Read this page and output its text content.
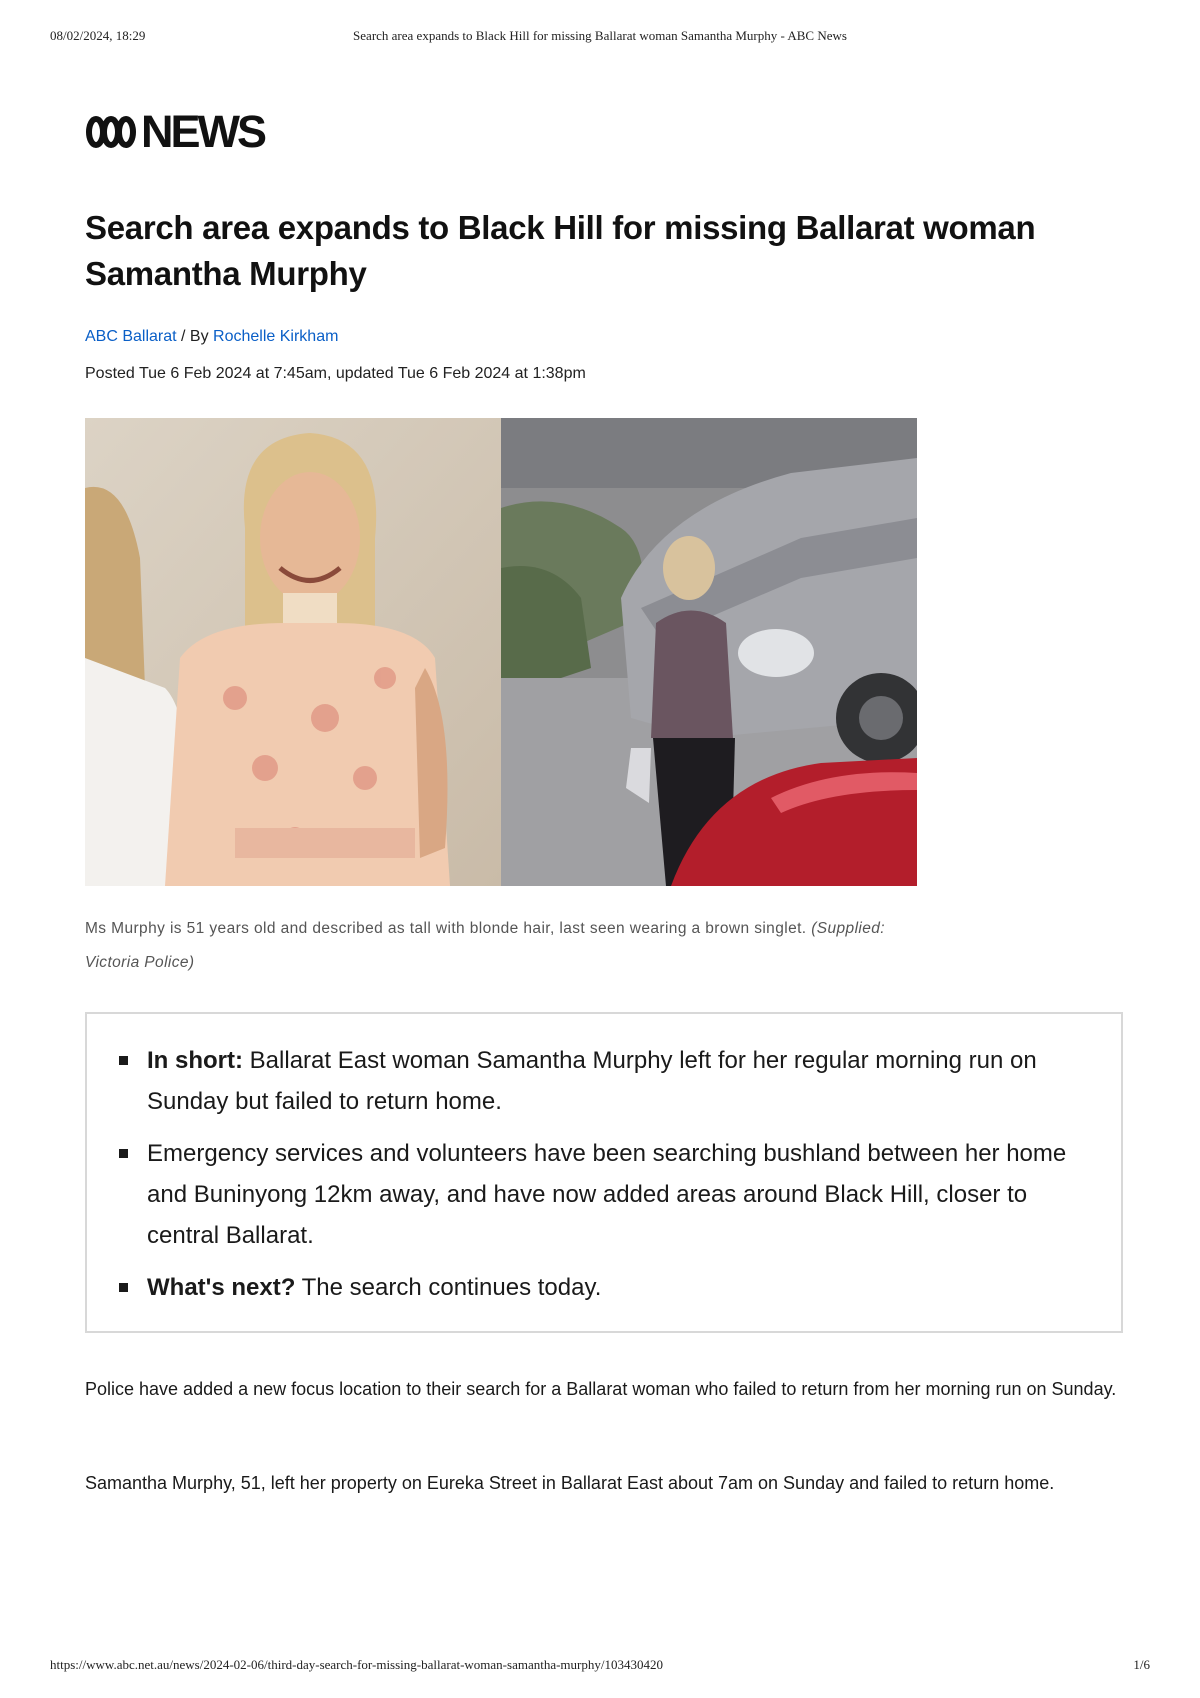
08/02/2024, 18:29	Search area expands to Black Hill for missing Ballarat woman Samantha Murphy - ABC News
NEWS
Search area expands to Black Hill for missing Ballarat woman Samantha Murphy
ABC Ballarat / By Rochelle Kirkham
Posted Tue 6 Feb 2024 at 7:45am, updated Tue 6 Feb 2024 at 1:38pm

Ms Murphy is 51 years old and described as tall with blonde hair, last seen wearing a brown singlet. (Supplied: Victoria Police)

In short: Ballarat East woman Samantha Murphy left for her regular morning run on Sunday but failed to return home.
Emergency services and volunteers have been searching bushland between her home and Buninyong 12km away, and have now added areas around Black Hill, closer to central Ballarat.
What's next? The search continues today.

Police have added a new focus location to their search for a Ballarat woman who failed to return from her morning run on Sunday.

Samantha Murphy, 51, left her property on Eureka Street in Ballarat East about 7am on Sunday and failed to return home.

https://www.abc.net.au/news/2024-02-06/third-day-search-for-missing-ballarat-woman-samantha-murphy/103430420	1/6
